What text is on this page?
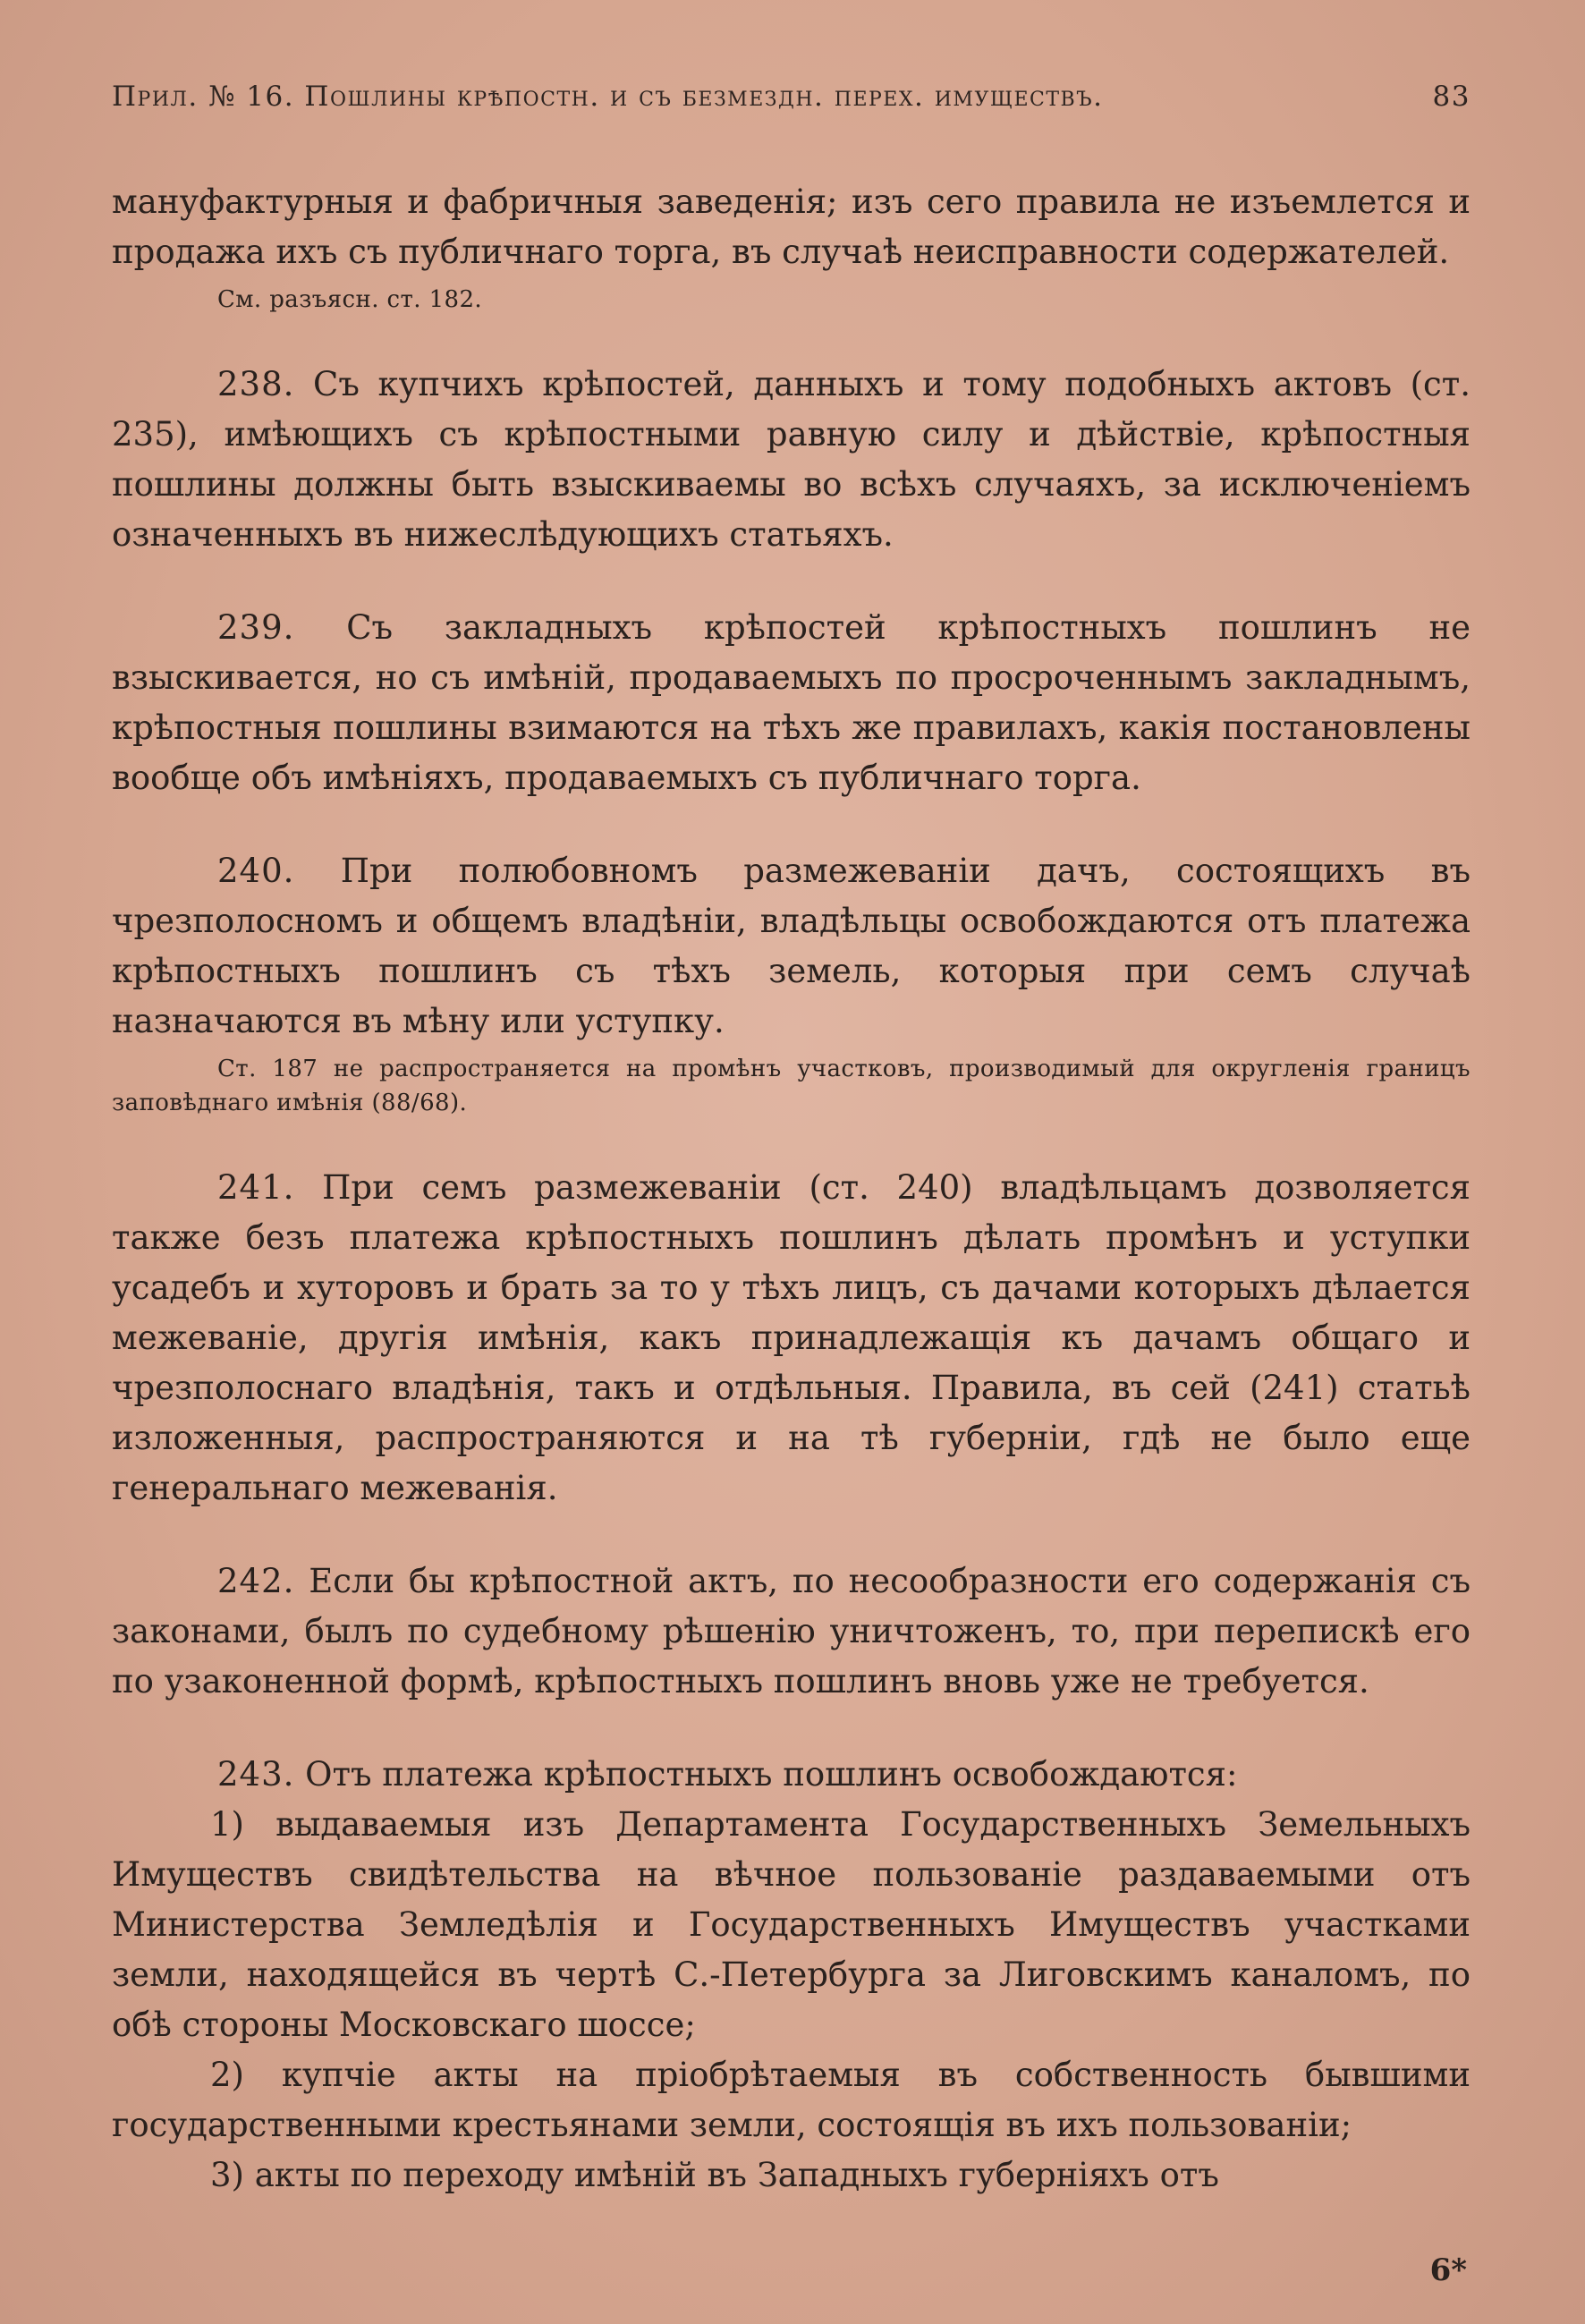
Прил. № 16. Пошлины крѣпостн. и съ безмездн. перех. имуществъ.	83

мануфактурныя и фабричныя заведенія; изъ сего правила не изъемлется и продажа ихъ съ публичнаго торга, въ случаѣ неисправности содержателей.

См. разъясн. ст. 182.

238. Съ купчихъ крѣпостей, данныхъ и тому подобныхъ актовъ (ст. 235), имѣющихъ съ крѣпостными равную силу и дѣйствіе, крѣпостныя пошлины должны быть взыскиваемы во всѣхъ случаяхъ, за исключеніемъ означенныхъ въ нижеслѣдующихъ статьяхъ.

239. Съ закладныхъ крѣпостей крѣпостныхъ пошлинъ не взыскивается, но съ имѣній, продаваемыхъ по просроченнымъ закладнымъ, крѣпостныя пошлины взимаются на тѣхъ же правилахъ, какія постановлены вообще объ имѣніяхъ, продаваемыхъ съ публичнаго торга.

240. При полюбовномъ размежеваніи дачъ, состоящихъ въ чрезполосномъ и общемъ владѣніи, владѣльцы освобождаются отъ платежа крѣпостныхъ пошлинъ съ тѣхъ земель, которыя при семъ случаѣ назначаются въ мѣну или уступку.

Ст. 187 не распространяется на промѣнъ участковъ, производимый для округленія границъ заповѣднаго имѣнія (88/68).

241. При семъ размежеваніи (ст. 240) владѣльцамъ дозволяется также безъ платежа крѣпостныхъ пошлинъ дѣлать промѣнъ и уступки усадебъ и хуторовъ и брать за то у тѣхъ лицъ, съ дачами которыхъ дѣлается межеваніе, другія имѣнія, какъ принадлежащія къ дачамъ общаго и чрезполоснаго владѣнія, такъ и отдѣльныя. Правила, въ сей (241) статьѣ изложенныя, распространяются и на тѣ губерніи, гдѣ не было еще генеральнаго межеванія.

242. Если бы крѣпостной актъ, по несообразности его содержанія съ законами, былъ по судебному рѣшенію уничтоженъ, то, при перепискѣ его по узаконенной формѣ, крѣпостныхъ пошлинъ вновь уже не требуется.

243. Отъ платежа крѣпостныхъ пошлинъ освобождаются:

1) выдаваемыя изъ Департамента Государственныхъ Земельныхъ Имуществъ свидѣтельства на вѣчное пользованіе раздаваемыми отъ Министерства Земледѣлія и Государственныхъ Имуществъ участками земли, находящейся въ чертѣ С.-Петербурга за Лиговскимъ каналомъ, по обѣ стороны Московскаго шоссе;

2) купчіе акты на пріобрѣтаемыя въ собственность бывшими государственными крестьянами земли, состоящія въ ихъ пользованіи;

3) акты по переходу имѣній въ Западныхъ губерніяхъ отъ

6*
